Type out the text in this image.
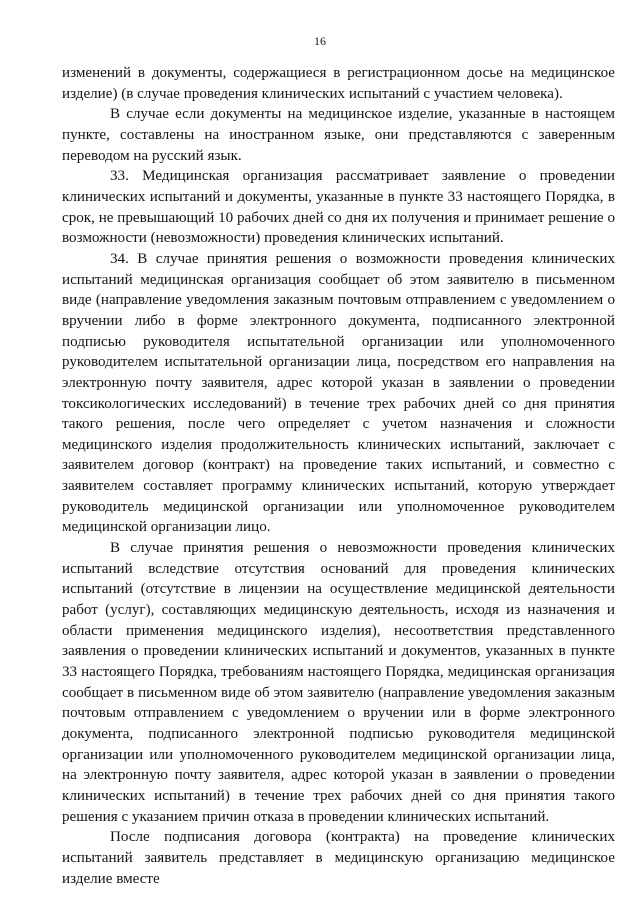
16

изменений в документы, содержащиеся в регистрационном досье на медицинское изделие) (в случае проведения клинических испытаний с участием человека).

В случае если документы на медицинское изделие, указанные в настоящем пункте, составлены на иностранном языке, они представляются с заверенным переводом на русский язык.

33. Медицинская организация рассматривает заявление о проведении клинических испытаний и документы, указанные в пункте 33 настоящего Порядка, в срок, не превышающий 10 рабочих дней со дня их получения и принимает решение о возможности (невозможности) проведения клинических испытаний.

34. В случае принятия решения о возможности проведения клинических испытаний медицинская организация сообщает об этом заявителю в письменном виде (направление уведомления заказным почтовым отправлением с уведомлением о вручении либо в форме электронного документа, подписанного электронной подписью руководителя испытательной организации или уполномоченного руководителем испытательной организации лица, посредством его направления на электронную почту заявителя, адрес которой указан в заявлении о проведении токсикологических исследований) в течение трех рабочих дней со дня принятия такого решения, после чего определяет с учетом назначения и сложности медицинского изделия продолжительность клинических испытаний, заключает с заявителем договор (контракт) на проведение таких испытаний, и совместно с заявителем составляет программу клинических испытаний, которую утверждает руководитель медицинской организации или уполномоченное руководителем медицинской организации лицо.

В случае принятия решения о невозможности проведения клинических испытаний вследствие отсутствия оснований для проведения клинических испытаний (отсутствие в лицензии на осуществление медицинской деятельности работ (услуг), составляющих медицинскую деятельность, исходя из назначения и области применения медицинского изделия), несоответствия представленного заявления о проведении клинических испытаний и документов, указанных в пункте 33 настоящего Порядка, требованиям настоящего Порядка, медицинская организация сообщает в письменном виде об этом заявителю (направление уведомления заказным почтовым отправлением с уведомлением о вручении или в форме электронного документа, подписанного электронной подписью руководителя медицинской организации или уполномоченного руководителем медицинской организации лица, на электронную почту заявителя, адрес которой указан в заявлении о проведении клинических испытаний) в течение трех рабочих дней со дня принятия такого решения с указанием причин отказа в проведении клинических испытаний.

После подписания договора (контракта) на проведение клинических испытаний заявитель представляет в медицинскую организацию медицинское изделие вместе
